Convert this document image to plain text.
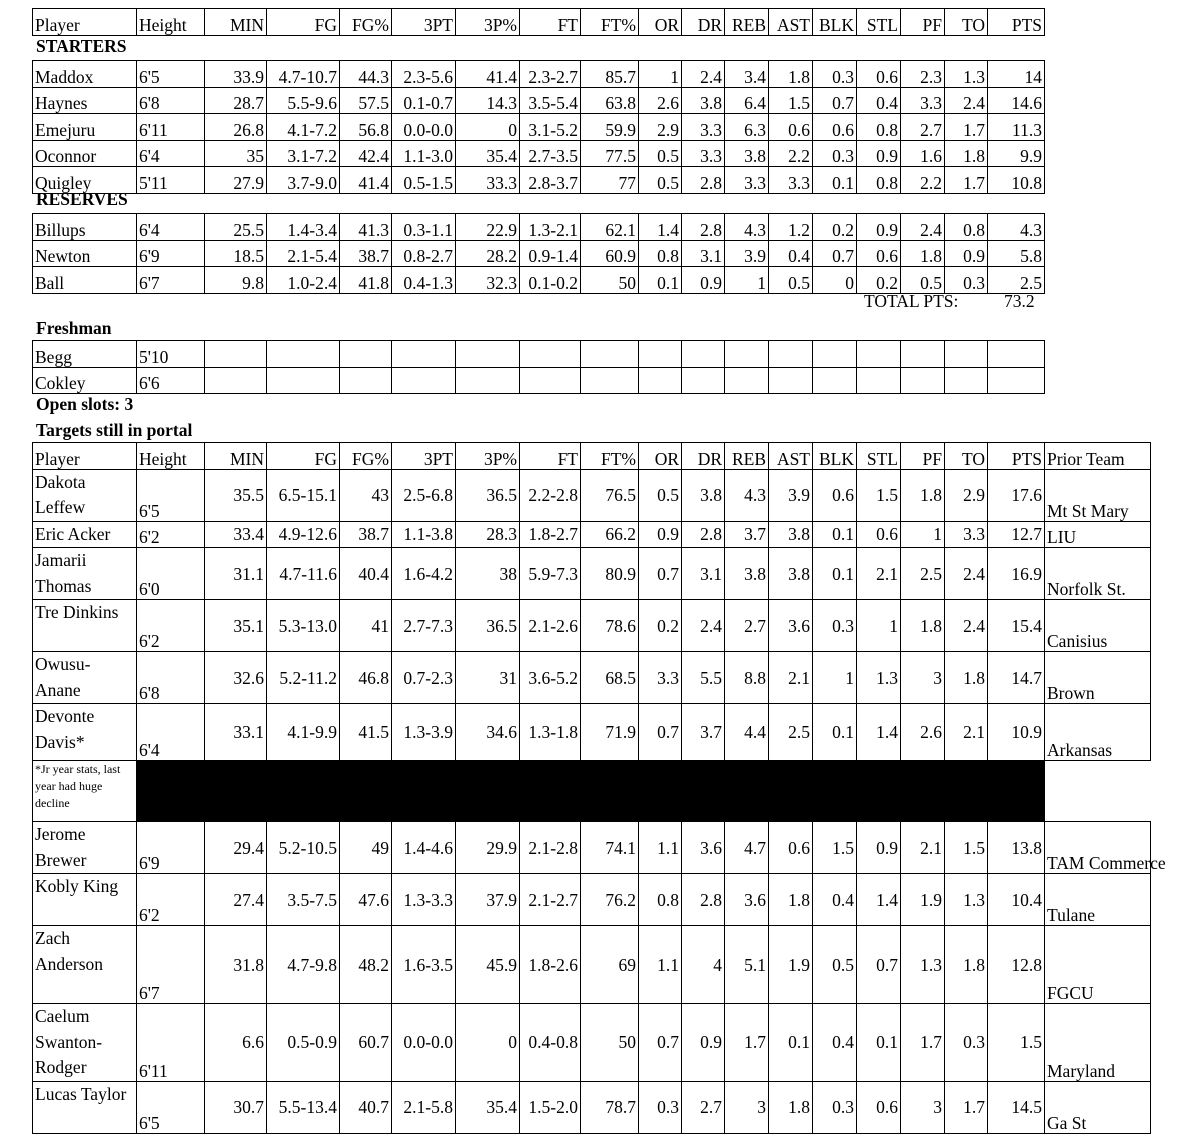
Player	Height	MIN	FG	FG%	3PT	3P%	FT	FT%	OR	DR	REB	AST	BLK	STL	PF	TO	PTS
STARTERS
Maddox	6'5	33.9	4.7-10.7	44.3	2.3-5.6	41.4	2.3-2.7	85.7	1	2.4	3.4	1.8	0.3	0.6	2.3	1.3	14
Haynes	6'8	28.7	5.5-9.6	57.5	0.1-0.7	14.3	3.5-5.4	63.8	2.6	3.8	6.4	1.5	0.7	0.4	3.3	2.4	14.6
Emejuru	6'11	26.8	4.1-7.2	56.8	0.0-0.0	0	3.1-5.2	59.9	2.9	3.3	6.3	0.6	0.6	0.8	2.7	1.7	11.3
Oconnor	6'4	35	3.1-7.2	42.4	1.1-3.0	35.4	2.7-3.5	77.5	0.5	3.3	3.8	2.2	0.3	0.9	1.6	1.8	9.9
Quigley	5'11	27.9	3.7-9.0	41.4	0.5-1.5	33.3	2.8-3.7	77	0.5	2.8	3.3	3.3	0.1	0.8	2.2	1.7	10.8
RESERVES
Billups	6'4	25.5	1.4-3.4	41.3	0.3-1.1	22.9	1.3-2.1	62.1	1.4	2.8	4.3	1.2	0.2	0.9	2.4	0.8	4.3
Newton	6'9	18.5	2.1-5.4	38.7	0.8-2.7	28.2	0.9-1.4	60.9	0.8	3.1	3.9	0.4	0.7	0.6	1.8	0.9	5.8
Ball	6'7	9.8	1.0-2.4	41.8	0.4-1.3	32.3	0.1-0.2	50	0.1	0.9	1	0.5	0	0.2	0.5	0.3	2.5
TOTAL PTS:	73.2
Freshman
Begg	5'10																
Cokley	6'6																
Open slots: 3
Targets still in portal
Player	Height	MIN	FG	FG%	3PT	3P%	FT	FT%	OR	DR	REB	AST	BLK	STL	PF	TO	PTS	Prior Team
Dakota Leffew	6'5	35.5	6.5-15.1	43	2.5-6.8	36.5	2.2-2.8	76.5	0.5	3.8	4.3	3.9	0.6	1.5	1.8	2.9	17.6	Mt St Mary
Eric Acker	6'2	33.4	4.9-12.6	38.7	1.1-3.8	28.3	1.8-2.7	66.2	0.9	2.8	3.7	3.8	0.1	0.6	1	3.3	12.7	LIU
Jamarii Thomas	6'0	31.1	4.7-11.6	40.4	1.6-4.2	38	5.9-7.3	80.9	0.7	3.1	3.8	3.8	0.1	2.1	2.5	2.4	16.9	Norfolk St.
Tre Dinkins	6'2	35.1	5.3-13.0	41	2.7-7.3	36.5	2.1-2.6	78.6	0.2	2.4	2.7	3.6	0.3	1	1.8	2.4	15.4	Canisius
Owusu-Anane	6'8	32.6	5.2-11.2	46.8	0.7-2.3	31	3.6-5.2	68.5	3.3	5.5	8.8	2.1	1	1.3	3	1.8	14.7	Brown
Devonte Davis*	6'4	33.1	4.1-9.9	41.5	1.3-3.9	34.6	1.3-1.8	71.9	0.7	3.7	4.4	2.5	0.1	1.4	2.6	2.1	10.9	Arkansas
*Jr year stats, last year had huge decline																		
Jerome Brewer	6'9	29.4	5.2-10.5	49	1.4-4.6	29.9	2.1-2.8	74.1	1.1	3.6	4.7	0.6	1.5	0.9	2.1	1.5	13.8	TAM Commerce
Kobly King	6'2	27.4	3.5-7.5	47.6	1.3-3.3	37.9	2.1-2.7	76.2	0.8	2.8	3.6	1.8	0.4	1.4	1.9	1.3	10.4	Tulane
Zach Anderson	6'7	31.8	4.7-9.8	48.2	1.6-3.5	45.9	1.8-2.6	69	1.1	4	5.1	1.9	0.5	0.7	1.3	1.8	12.8	FGCU
Caelum Swanton-Rodger	6'11	6.6	0.5-0.9	60.7	0.0-0.0	0	0.4-0.8	50	0.7	0.9	1.7	0.1	0.4	0.1	1.7	0.3	1.5	Maryland
Lucas Taylor	6'5	30.7	5.5-13.4	40.7	2.1-5.8	35.4	1.5-2.0	78.7	0.3	2.7	3	1.8	0.3	0.6	3	1.7	14.5	Ga St
